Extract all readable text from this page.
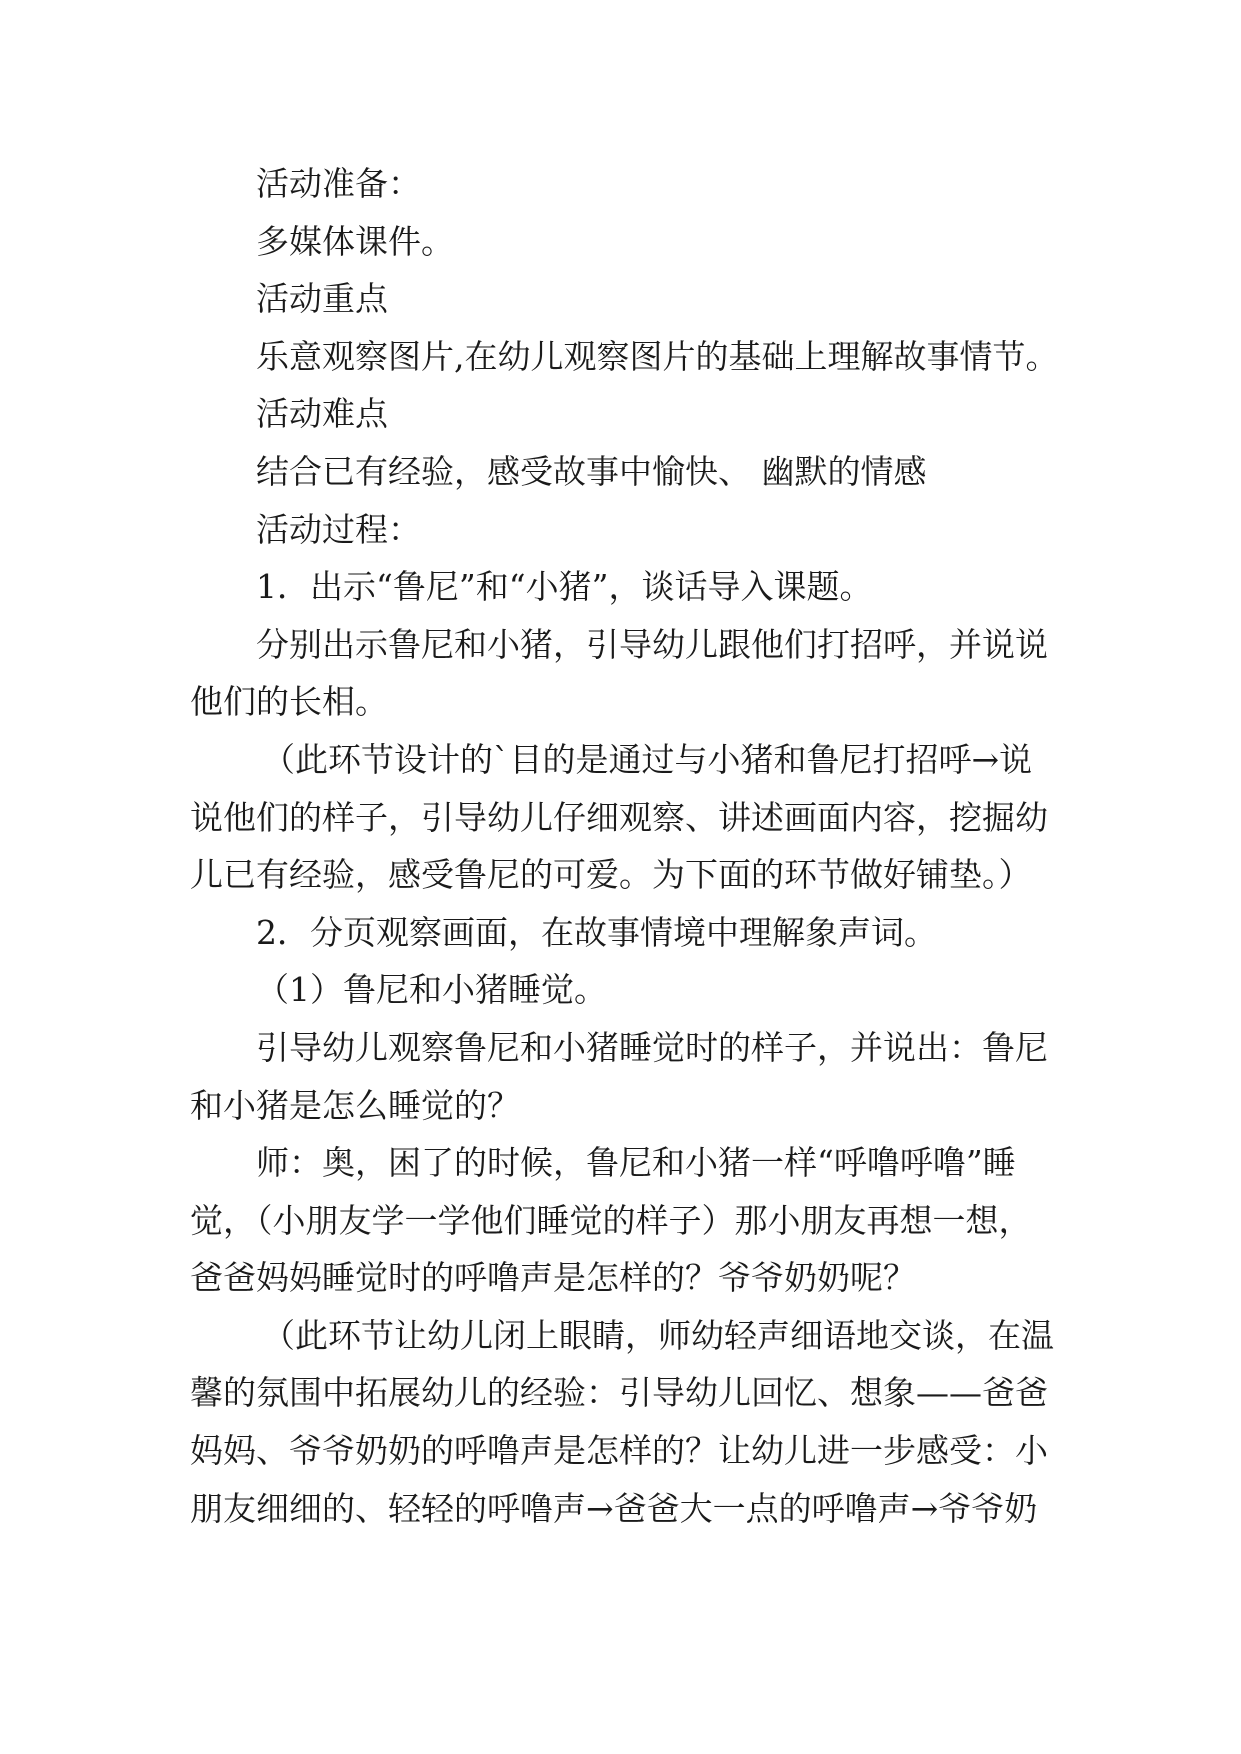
活动准备：

多媒体课件。

活动重点

乐意观察图片,在幼儿观察图片的基础上理解故事情节。

活动难点

结合已有经验，感受故事中愉快、 幽默的情感

活动过程：

1．出示“鲁尼”和“小猪”，谈话导入课题。

分别出示鲁尼和小猪，引导幼儿跟他们打招呼，并说说他们的长相。

（此环节设计的`目的是通过与小猪和鲁尼打招呼→说说他们的样子，引导幼儿仔细观察、讲述画面内容，挖掘幼儿已有经验，感受鲁尼的可爱。为下面的环节做好铺垫。）

2．分页观察画面，在故事情境中理解象声词。

（1）鲁尼和小猪睡觉。

引导幼儿观察鲁尼和小猪睡觉时的样子，并说出：鲁尼和小猪是怎么睡觉的？

师：奥，困了的时候，鲁尼和小猪一样“呼噜呼噜”睡觉，（小朋友学一学他们睡觉的样子）那小朋友再想一想，爸爸妈妈睡觉时的呼噜声是怎样的？爷爷奶奶呢？

（此环节让幼儿闭上眼睛，师幼轻声细语地交谈，在温馨的氛围中拓展幼儿的经验：引导幼儿回忆、想象——爸爸妈妈、爷爷奶奶的呼噜声是怎样的？让幼儿进一步感受：小朋友细细的、轻轻的呼噜声→爸爸大一点的呼噜声→爷爷奶
